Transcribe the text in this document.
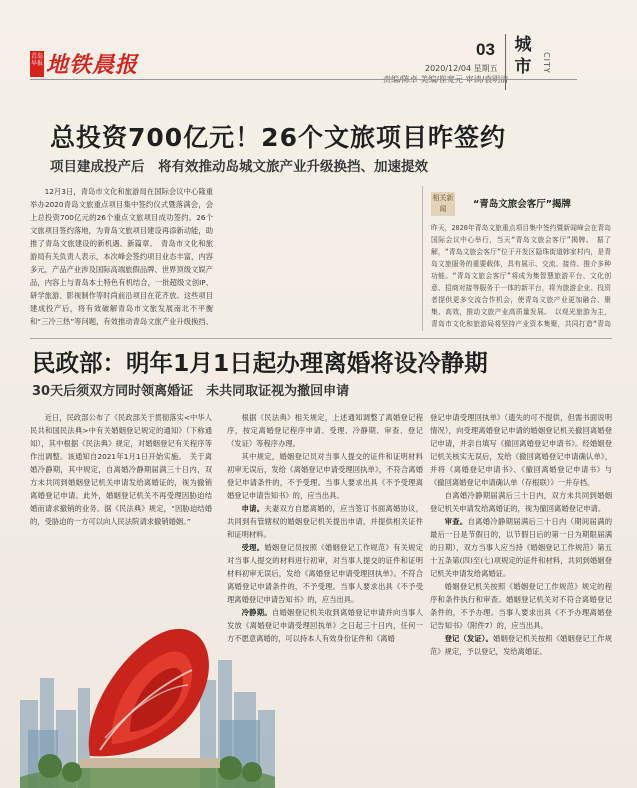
青岛早报 地铁晨报
03
2020/12/04 星期五
城市	CITY
总投资700亿元！26个文旅项目昨签约
项目建成投产后　将有效推动岛城文旅产业升级换挡、加速提效

12月3日，青岛市文化和旅游局在国际会议中心隆重举办2020青岛文旅重点项目集中签约仪式暨落满会，会上总投资700亿元的26个重点文旅项目成功签约。26个文旅项目签约落地，为青岛文旅项目建设再添新动能，助推了青岛文旅建设的新机遇、新篇章。　青岛市文化和旅游局有关负责人表示，本次峰会签约项目业态丰富，内容多元，产品产业涉及国际高端旅假品牌、世界顶级文娱产品，内容上与青岛本土特色有机结合，一批超级文创IP、研学旅游、影视制作等时尚前沿项目在花齐放。这些项目建成投产后，将有效破解青岛市文旅发展南北不平衡和“三冷三热”等问题，有效推动青岛文旅产业升级换挡、　　　

相关新闻	“青岛文旅会客厅”揭牌
昨天，2020年青岛文旅重点项目集中签约暨新闻峰会在青岛国际会议中心举行，当天“青岛文旅会客厅”揭牌。　据了解，“青岛文旅会客厅”位于开发区隐珠街道韩家村内，是青岛文旅服务的重要载体，具有展示、交流、接待、推介多种功能。“青岛文旅会客厅”将成为集智慧旅游平台、文化创意、招商对接等服务于一体的新平台，将为旅游企业、投资者提供更多交流合作机会，使青岛文旅产业更加融合、聚集、高效，推动文旅产业高质量发展。　以观光旅游为主，青岛市文化和旅游局将坚持产业资本集聚，共同打造“青岛
民政部：明年1月1日起办理离婚将设冷静期
30天后须双方同时领离婚证　未共同取证视为撤回申请

近日，民政部公布了《民政部关于贯彻落实<中华人民共和国民法典>中有关婚姻登记规定的通知》（下称通知），其中根据《民法典》规定，对婚姻登记有关程序等作出调整。该通知自2021年1月1日开始实施。　关于离婚冷静期，其中规定，自离婚冷静期届满三十日内，双方未共同到婚姻登记机关申请发给离婚证的，视为撤销离婚登记申请。此外，婚姻登记机关不再受理因胁迫结婚而请求撤销的业务。据《民法典》规定，“因胁迫结婚的，受胁迫的一方可以向人民法院请求撤销婚姻。”

根据《民法典》相关规定，上述通知调整了离婚登记程序，按定离婚登记程序申请、受理、冷静期、审查、登记（发证）等程序办理。

其中规定，婚姻登记员对当事人提交的证件和证明材料初审无误后，发给《离婚登记申请受理回执单》，不符合离婚登记申请条件的，不予受理。当事人要求出具《不予受理离婚登记申请告知书》的，应当出具。

申请。夫妻双方自愿离婚的，应当签订书面离婚协议，共同到有管辖权的婚姻登记机关提出申请，并提供相关证件和证明材料。

受理。婚姻登记员按照《婚姻登记工作规范》有关规定对当事人提交的材料进行初审，对当事人提交的证件和证明材料初审无误后，发给《离婚登记申请受理回执单》。不符合离婚登记申请条件的，不予受理。当事人要求出具《不予受理离婚登记申请告知书》的，应当出具。

冷静期。自婚姻登记机关收到离婚登记申请并向当事人发放《离婚登记申请受理回执单》之日起三十日内，任何一方不愿意离婚的，可以持本人有效身份证件和《离婚

登记申请受理回执单》（遗失的可不提供，但需书面说明情况），向受理离婚登记申请的婚姻登记机关撤回离婚登记申请，并亲自填写《撤回离婚登记申请书》。经婚姻登记机关核实无误后，发给《撤回离婚登记申请确认单》，并将《离婚登记申请书》、《撤回离婚登记申请书》与《撤回离婚登记申请确认单（存根联）》一并存档。

自离婚冷静期届满后三十日内，双方未共同到婚姻登记机关申请发给离婚证的，视为撤回离婚登记申请。

审查。自离婚冷静期届满后三十日内（期间届满的最后一日是节假日的，以节假日后的第一日为期限届满的日期），双方当事人应当持《婚姻登记工作规范》第五十五条第(四)至(七)项规定的证件和材料，共同到婚姻登记机关申请发给离婚证。

婚姻登记机关按照《婚姻登记工作规范》规定的程序和条件执行和审查。婚姻登记机关对不符合离婚登记条件的，不予办理。当事人要求出具《不予办理离婚登记告知书》（附件7）的，应当出具。

登记（发证）。婚姻登记机关按照《婚姻登记工作规范》规定，予以登记，发给离婚证。
